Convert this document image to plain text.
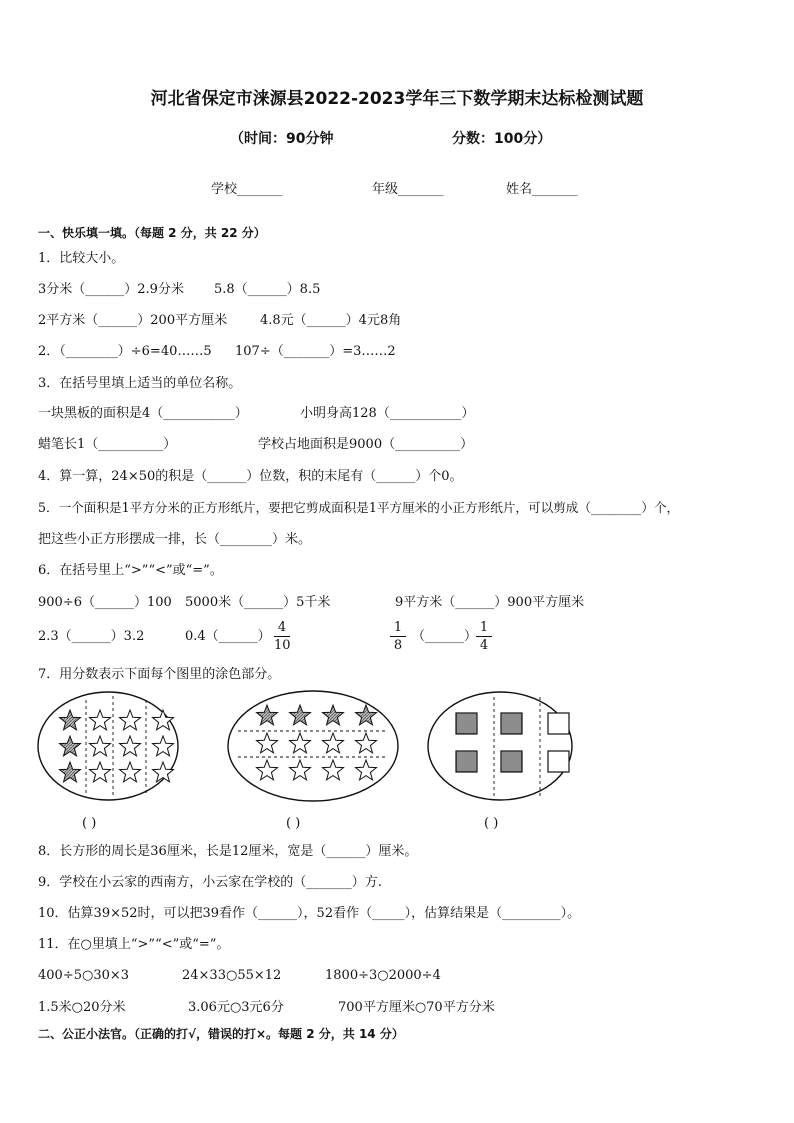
河北省保定市涞源县2022-2023学年三下数学期末达标检测试题
（时间：90分钟	分数：100分）
学校_______	年级_______	姓名_______
一、快乐填一填。（每题 2 分，共 22 分）
1．比较大小。
3分米（______）2.9分米 5.8（______）8.5
2平方米（______）200平方厘米	4.8元（______）4元8角
2．（________）÷6=40……5 107÷（_______）=3……2
3．在括号里填上适当的单位名称。
一块黑板的面积是4（___________）	小明身高128（___________）
蜡笔长1（__________）	学校占地面积是9000（__________）
4．算一算，24×50的积是（______）位数，积的末尾有（______）个0。
5．一个面积是1平方分米的正方形纸片，要把它剪成面积是1平方厘米的小正方形纸片，可以剪成（________）个，
把这些小正方形摆成一排，长（________）米。
6．在括号里上“>”“<”或“=”。
900÷6（______）100 5000米（______）5千米	9平方米（______）900平方厘米
2.3（______）3.2	0.4（______）
4
10
1
8
（______）
1
4
7．用分数表示下面每个图里的涂色部分。
( )	( )	( )
8．长方形的周长是36厘米，长是12厘米，宽是（______）厘米。
9．学校在小云家的西南方，小云家在学校的（_______）方.
10．估算39×52时，可以把39看作（______），52看作（_____），估算结果是（_________）。
11．在○里填上“>”“<”或“=”。
400÷5○30×3	24×33○55×12	1800÷3○2000÷4
1.5米○20分米	3.06元○3元6分	700平方厘米○70平方分米
二、公正小法官。（正确的打√，错误的打×。每题 2 分，共 14 分）
